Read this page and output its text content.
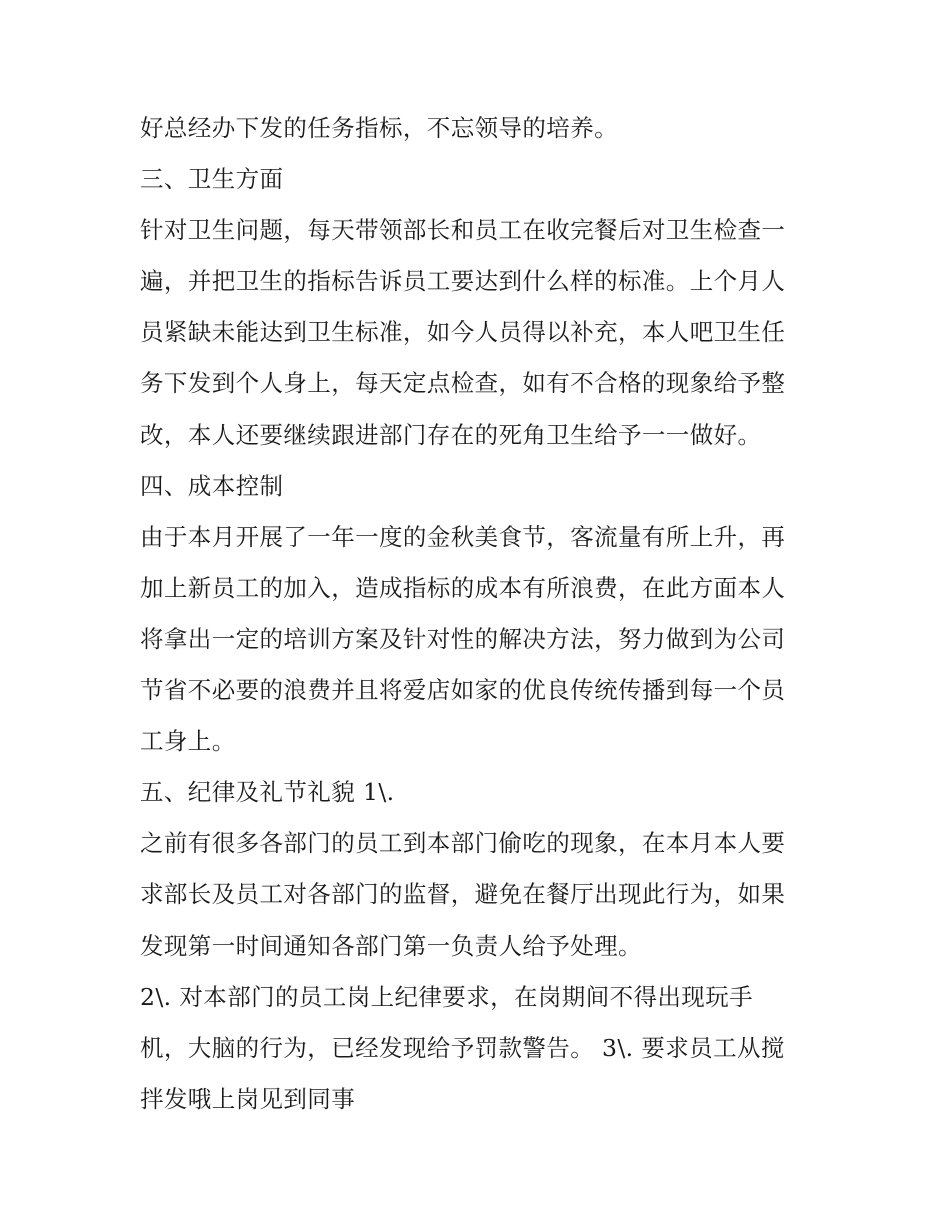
好总经办下发的任务指标，不忘领导的培养。
三、卫生方面
针对卫生问题，每天带领部长和员工在收完餐后对卫生检查一
遍，并把卫生的指标告诉员工要达到什么样的标准。上个月人
员紧缺未能达到卫生标准，如今人员得以补充，本人吧卫生任
务下发到个人身上，每天定点检查，如有不合格的现象给予整
改，本人还要继续跟进部门存在的死角卫生给予一一做好。
四、成本控制
由于本月开展了一年一度的金秋美食节，客流量有所上升，再
加上新员工的加入，造成指标的成本有所浪费，在此方面本人
将拿出一定的培训方案及针对性的解决方法，努力做到为公司
节省不必要的浪费并且将爱店如家的优良传统传播到每一个员
工身上。
五、纪律及礼节礼貌 1\.
之前有很多各部门的员工到本部门偷吃的现象，在本月本人要
求部长及员工对各部门的监督，避免在餐厅出现此行为，如果
发现第一时间通知各部门第一负责人给予处理。
2\. 对本部门的员工岗上纪律要求，在岗期间不得出现玩手
机，大脑的行为，已经发现给予罚款警告。 3\. 要求员工从搅
拌发哦上岗见到同事
